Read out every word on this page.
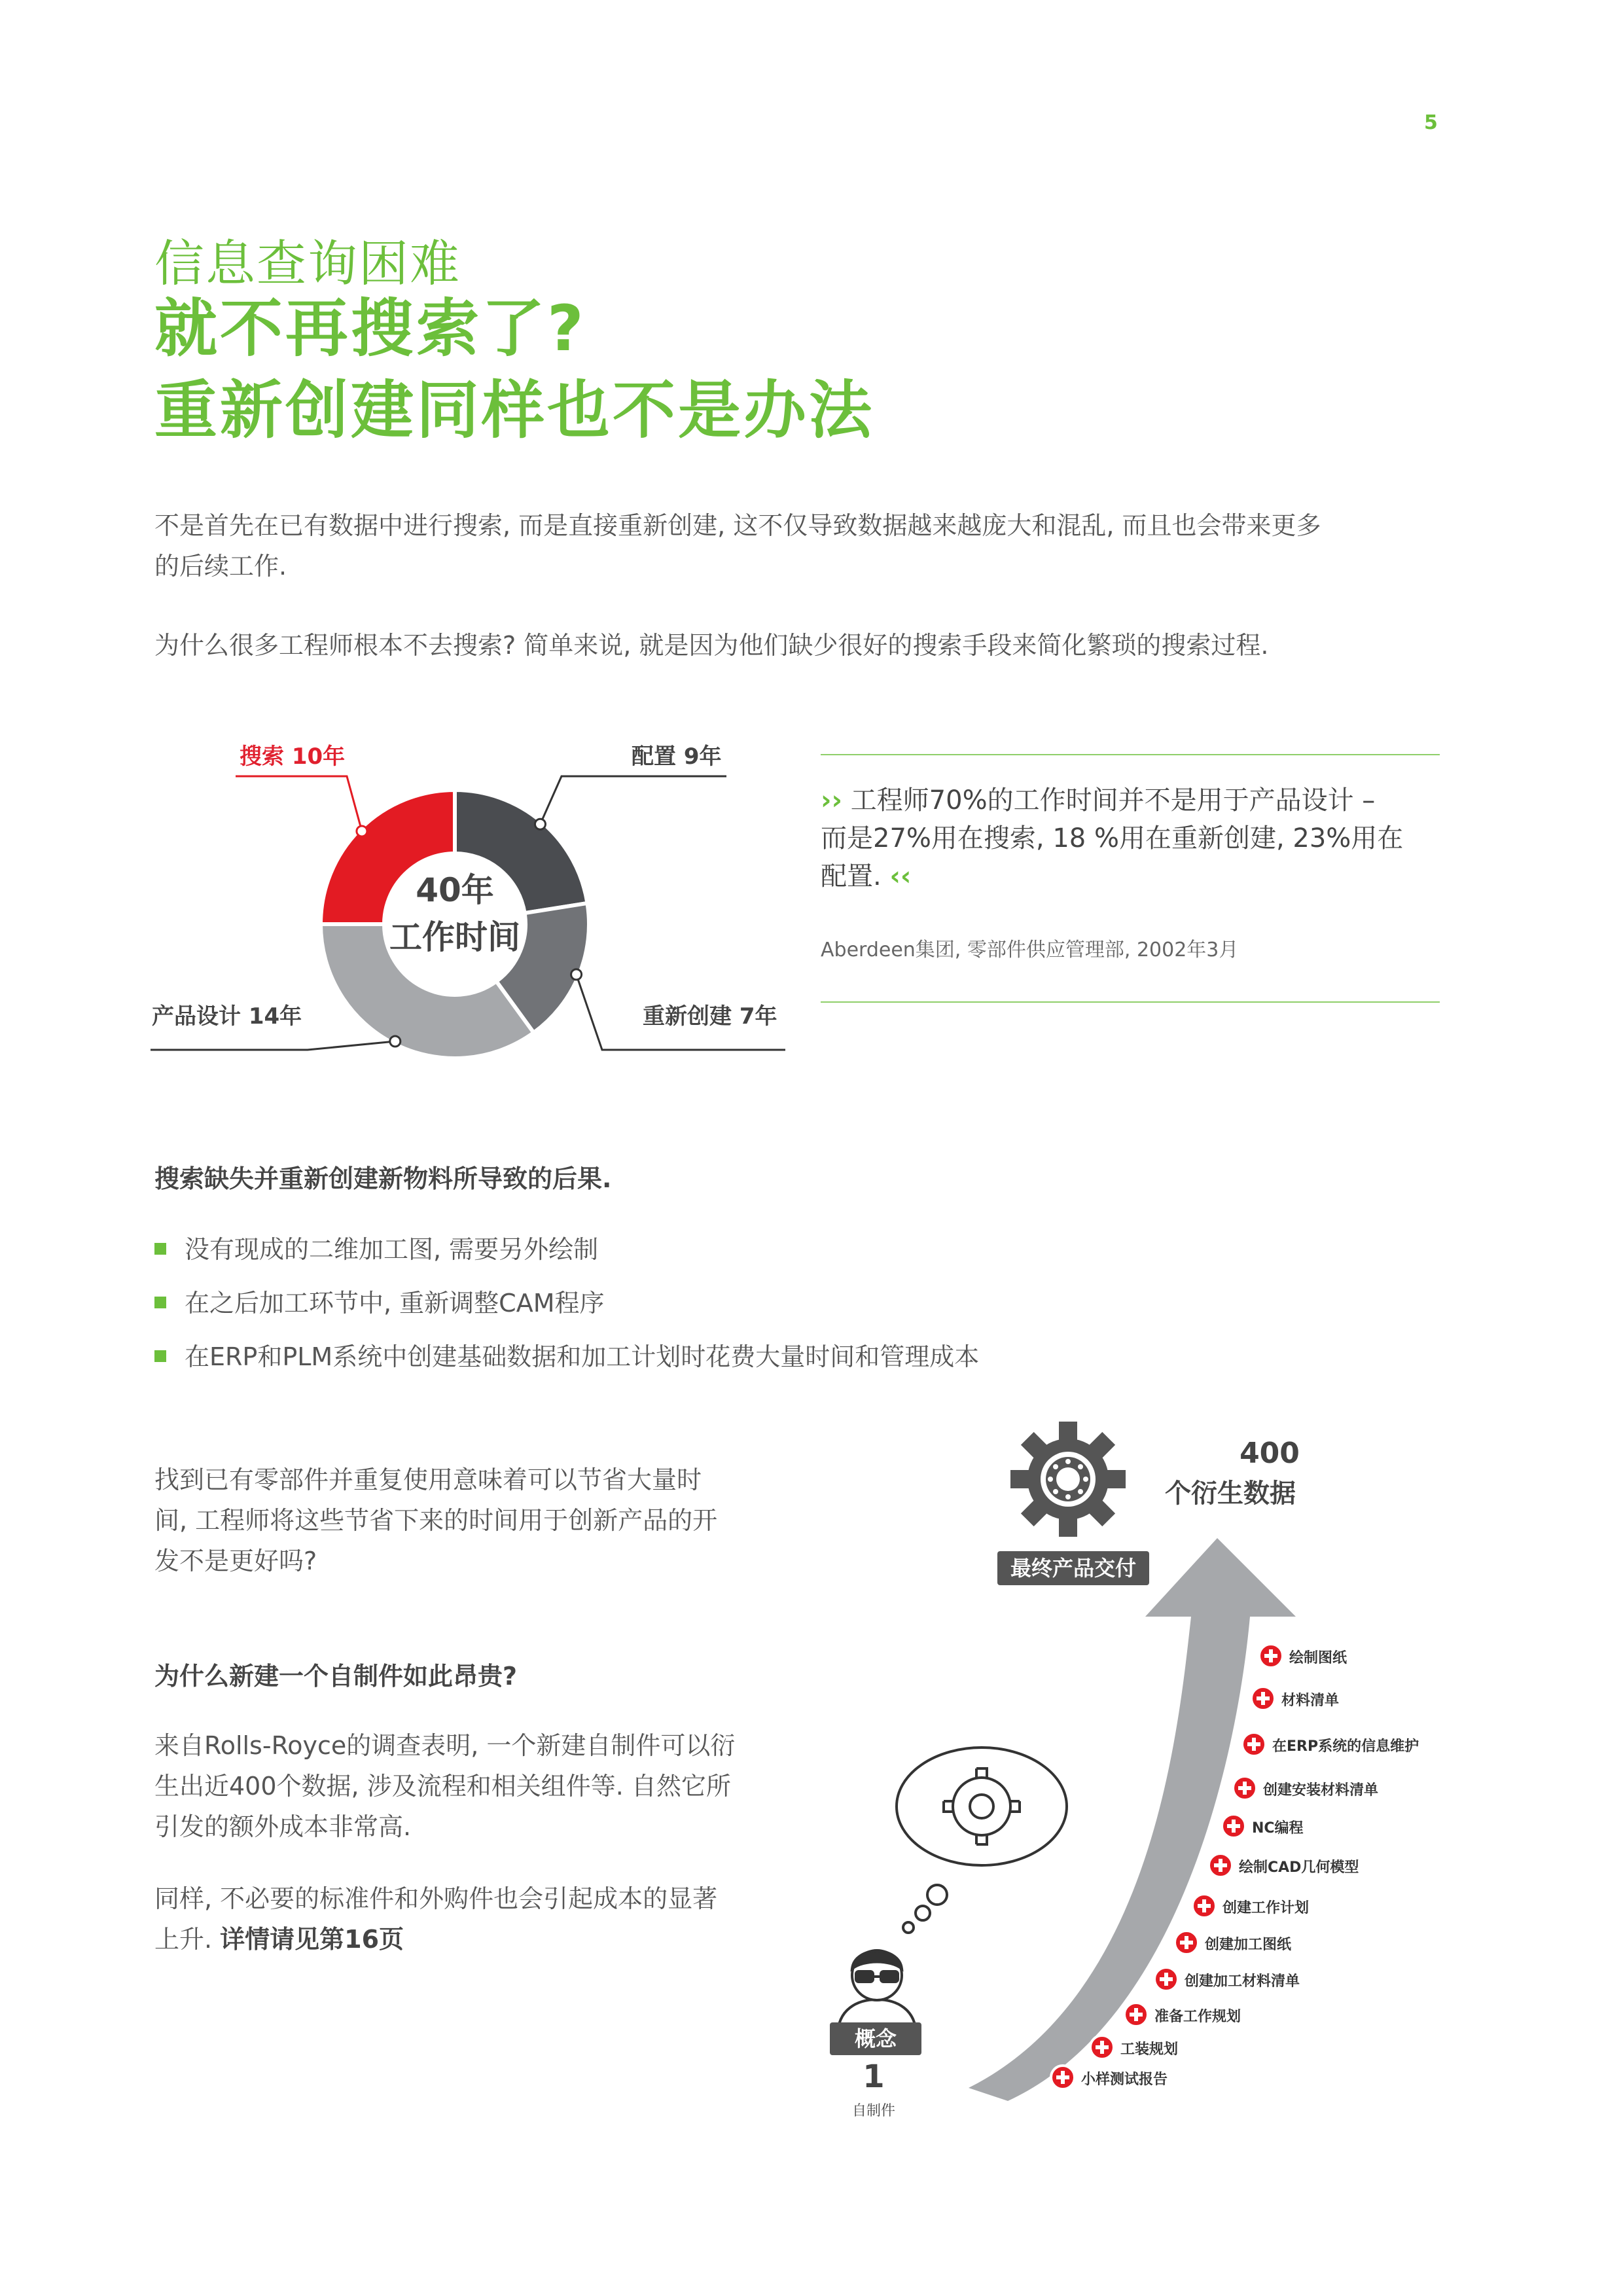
5
信息查询困难
就不再搜索了?
重新创建同样也不是办法
不是首先在已有数据中进行搜索, 而是直接重新创建, 这不仅导致数据越来越庞大和混乱, 而且也会带来更多
的后续工作.
为什么很多工程师根本不去搜索? 简单来说, 就是因为他们缺少很好的搜索手段来简化繁琐的搜索过程.
40年
工作时间
搜索 10年	配置 9年
产品设计 14年	重新创建 7年
›› 工程师70%的工作时间并不是用于产品设计 –
而是27%用在搜索, 18 %用在重新创建, 23%用在
配置. ‹‹
Aberdeen集团, 零部件供应管理部, 2002年3月
搜索缺失并重新创建新物料所导致的后果.
没有现成的二维加工图, 需要另外绘制
在之后加工环节中, 重新调整CAM程序
在ERP和PLM系统中创建基础数据和加工计划时花费大量时间和管理成本
找到已有零部件并重复使用意味着可以节省大量时
间, 工程师将这些节省下来的时间用于创新产品的开
发不是更好吗?
为什么新建一个自制件如此昂贵?
来自Rolls-Royce的调查表明, 一个新建自制件可以衍
生出近400个数据, 涉及流程和相关组件等. 自然它所
引发的额外成本非常高.
同样, 不必要的标准件和外购件也会引起成本的显著
上升. 详情请见第16页
400
个衍生数据
最终产品交付
概念
1
自制件
绘制图纸
材料清单
在ERP系统的信息维护
创建安装材料清单
NC编程
绘制CAD几何模型
创建工作计划
创建加工图纸
创建加工材料清单
准备工作规划
工装规划
小样测试报告
